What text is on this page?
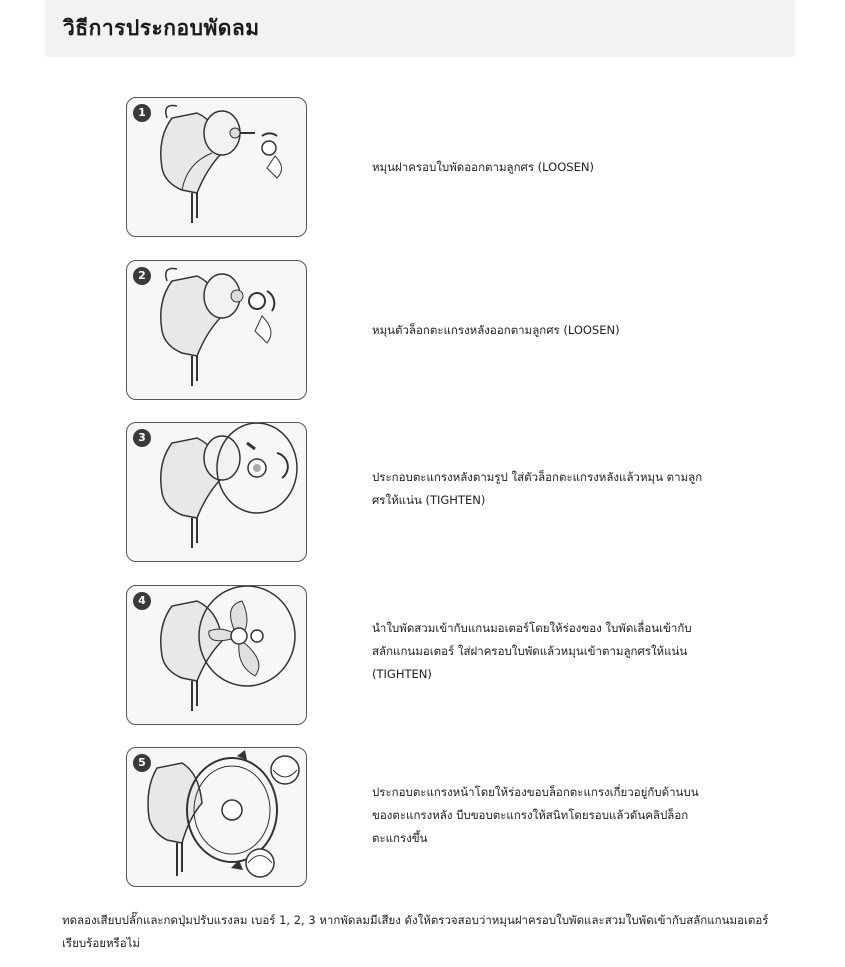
วิธีการประกอบพัดลม
1
หมุนฝาครอบใบพัดออกตามลูกศร (LOOSEN)
2
หมุนตัวล็อกตะแกรงหลังออกตามลูกศร (LOOSEN)
3
ประกอบตะแกรงหลังตามรูป ใส่ตัวล็อกตะแกรงหลังแล้วหมุน ตามลูกศรให้แน่น (TIGHTEN)
4
นำใบพัดสวมเข้ากับแกนมอเตอร์โดยให้ร่องของ ใบพัดเลื่อนเข้ากับสลักแกนมอเตอร์ ใส่ฝาครอบใบพัดแล้วหมุนเข้าตามลูกศรให้แน่น (TIGHTEN)
5
ประกอบตะแกรงหน้าโดยให้ร่องขอบล็อกตะแกรงเกี่ยวอยู่กับด้านบนของตะแกรงหลัง บีบขอบตะแกรงให้สนิทโดยรอบแล้วดันคลิปล็อกตะแกรงขึ้น
ทดลองเสียบปลั๊กและกดปุ่มปรับแรงลม เบอร์ 1, 2, 3 หากพัดลมมีเสียง ดังให้ตรวจสอบว่าหมุนฝาครอบใบพัดและสวมใบพัดเข้ากับสลักแกนมอเตอร์เรียบร้อยหรือไม่
